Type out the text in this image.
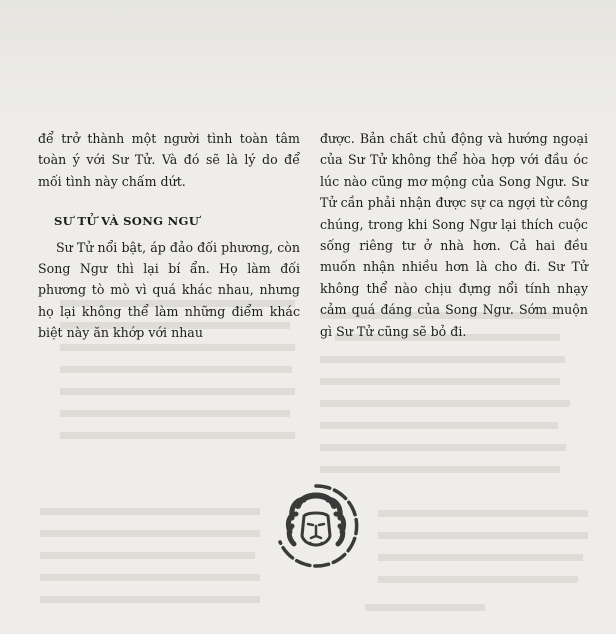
để trở thành một người tình toàn tâm toàn ý với Sư Tử. Và đó sẽ là lý do để mối tình này chấm dứt.

SƯ TỬ VÀ SONG NGƯ

Sư Tử nổi bật, áp đảo đối phương, còn Song Ngư thì lại bí ẩn. Họ làm đối phương tò mò vì quá khác nhau, nhưng họ lại không thể làm những điểm khác biệt này ăn khớp với nhau

được. Bản chất chủ động và hướng ngoại của Sư Tử không thể hòa hợp với đầu óc lúc nào cũng mơ mộng của Song Ngư. Sư Tử cần phải nhận được sự ca ngợi từ công chúng, trong khi Song Ngư lại thích cuộc sống riêng tư ở nhà hơn. Cả hai đều muốn nhận nhiều hơn là cho đi. Sư Tử không thể nào chịu đựng nổi tính nhạy cảm quá đáng của Song Ngư. Sớm muộn gì Sư Tử cũng sẽ bỏ đi.
